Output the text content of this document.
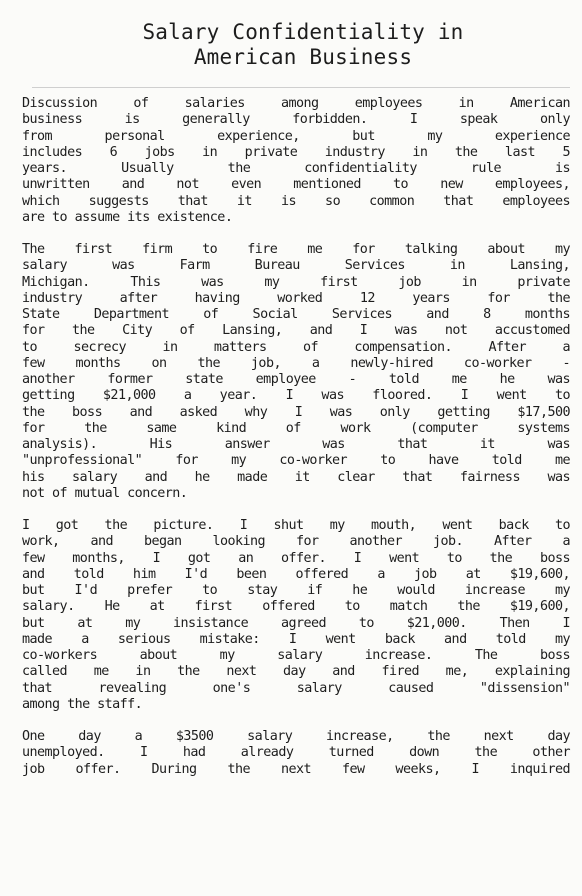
Salary Confidentiality in
American Business
Discussion of salaries among employees in American
business is generally forbidden. I speak only
from personal experience, but my experience
includes 6 jobs in private industry in the last 5
years. Usually the confidentiality rule is
unwritten and not even mentioned to new employees,
which suggests that it is so common that employees
are to assume its existence.
The first firm to fire me for talking about my
salary was Farm Bureau Services in Lansing,
Michigan. This was my first job in private
industry after having worked 12 years for the
State Department of Social Services and 8 months
for the City of Lansing, and I was not accustomed
to secrecy in matters of compensation. After a
few months on the job, a newly-hired co-worker -
another former state employee - told me he was
getting $21,000 a year. I was floored. I went to
the boss and asked why I was only getting $17,500
for the same kind of work (computer systems
analysis). His answer was that it was
"unprofessional" for my co-worker to have told me
his salary and he made it clear that fairness was
not of mutual concern.
I got the picture. I shut my mouth, went back to
work, and began looking for another job. After a
few months, I got an offer. I went to the boss
and told him I'd been offered a job at $19,600,
but I'd prefer to stay if he would increase my
salary. He at first offered to match the $19,600,
but at my insistance agreed to $21,000. Then I
made a serious mistake: I went back and told my
co-workers about my salary increase. The boss
called me in the next day and fired me, explaining
that revealing one's salary caused "dissension"
among the staff.
One day a $3500 salary increase, the next day
unemployed. I had already turned down the other
job offer. During the next few weeks, I inquired
